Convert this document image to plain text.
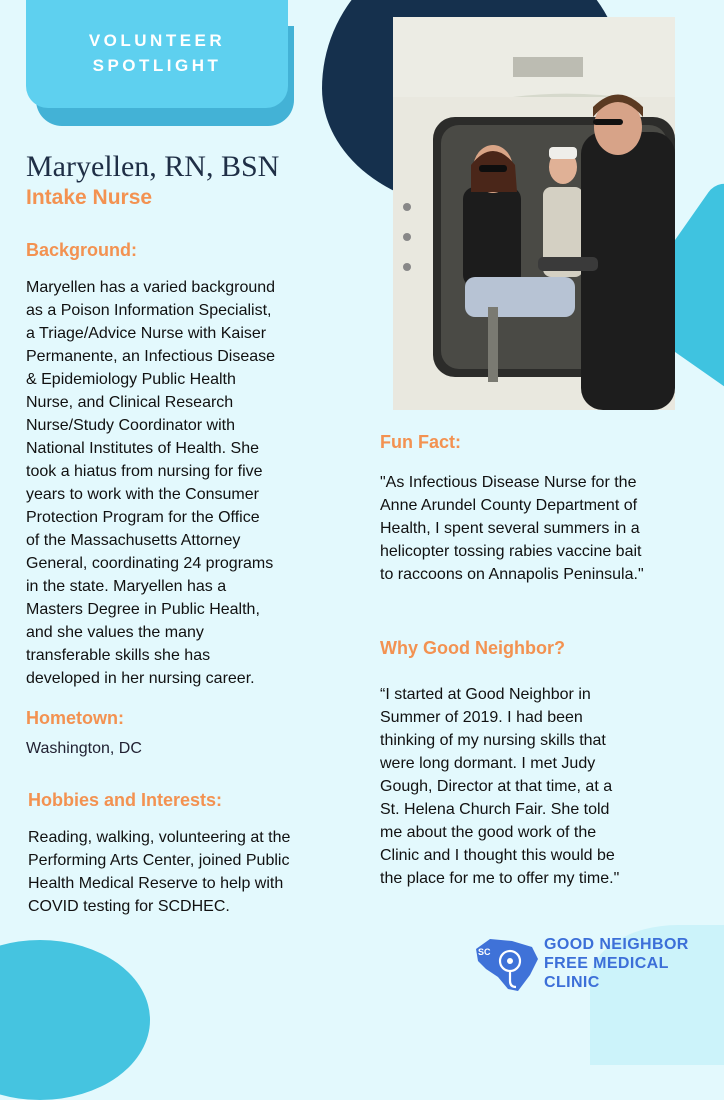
VOLUNTEER
SPOTLIGHT
Maryellen, RN, BSN
Intake Nurse
Background:
Maryellen has a varied background
as a Poison Information Specialist,
a Triage/Advice Nurse with Kaiser
Permanente, an Infectious Disease
& Epidemiology Public Health
Nurse, and Clinical Research
Nurse/Study Coordinator with
National Institutes of Health. She
took a hiatus from nursing for five
years to work with the Consumer
Protection Program for the Office
of the Massachusetts Attorney
General, coordinating 24 programs
in the state. Maryellen has a
Masters Degree in Public Health,
and she values the many
transferable skills she has
developed in her nursing career.
Hometown:
Washington, DC
Hobbies and Interests:
Reading, walking, volunteering at the
Performing Arts Center, joined Public
Health Medical Reserve to help with
COVID testing for SCDHEC.
Fun Fact:
"As Infectious Disease Nurse for the
Anne Arundel County Department of
Health, I spent several summers in a
helicopter tossing rabies vaccine bait
to raccoons on Annapolis Peninsula."
Why Good Neighbor?
“I started at Good Neighbor in
Summer of 2019. I had been
thinking of my nursing skills that
were long dormant. I met Judy
Gough, Director at that time, at a
St. Helena Church Fair. She told
me about the good work of the
Clinic and I thought this would be
the place for me to offer my time."
SC	GOOD NEIGHBOR
FREE MEDICAL
CLINIC
